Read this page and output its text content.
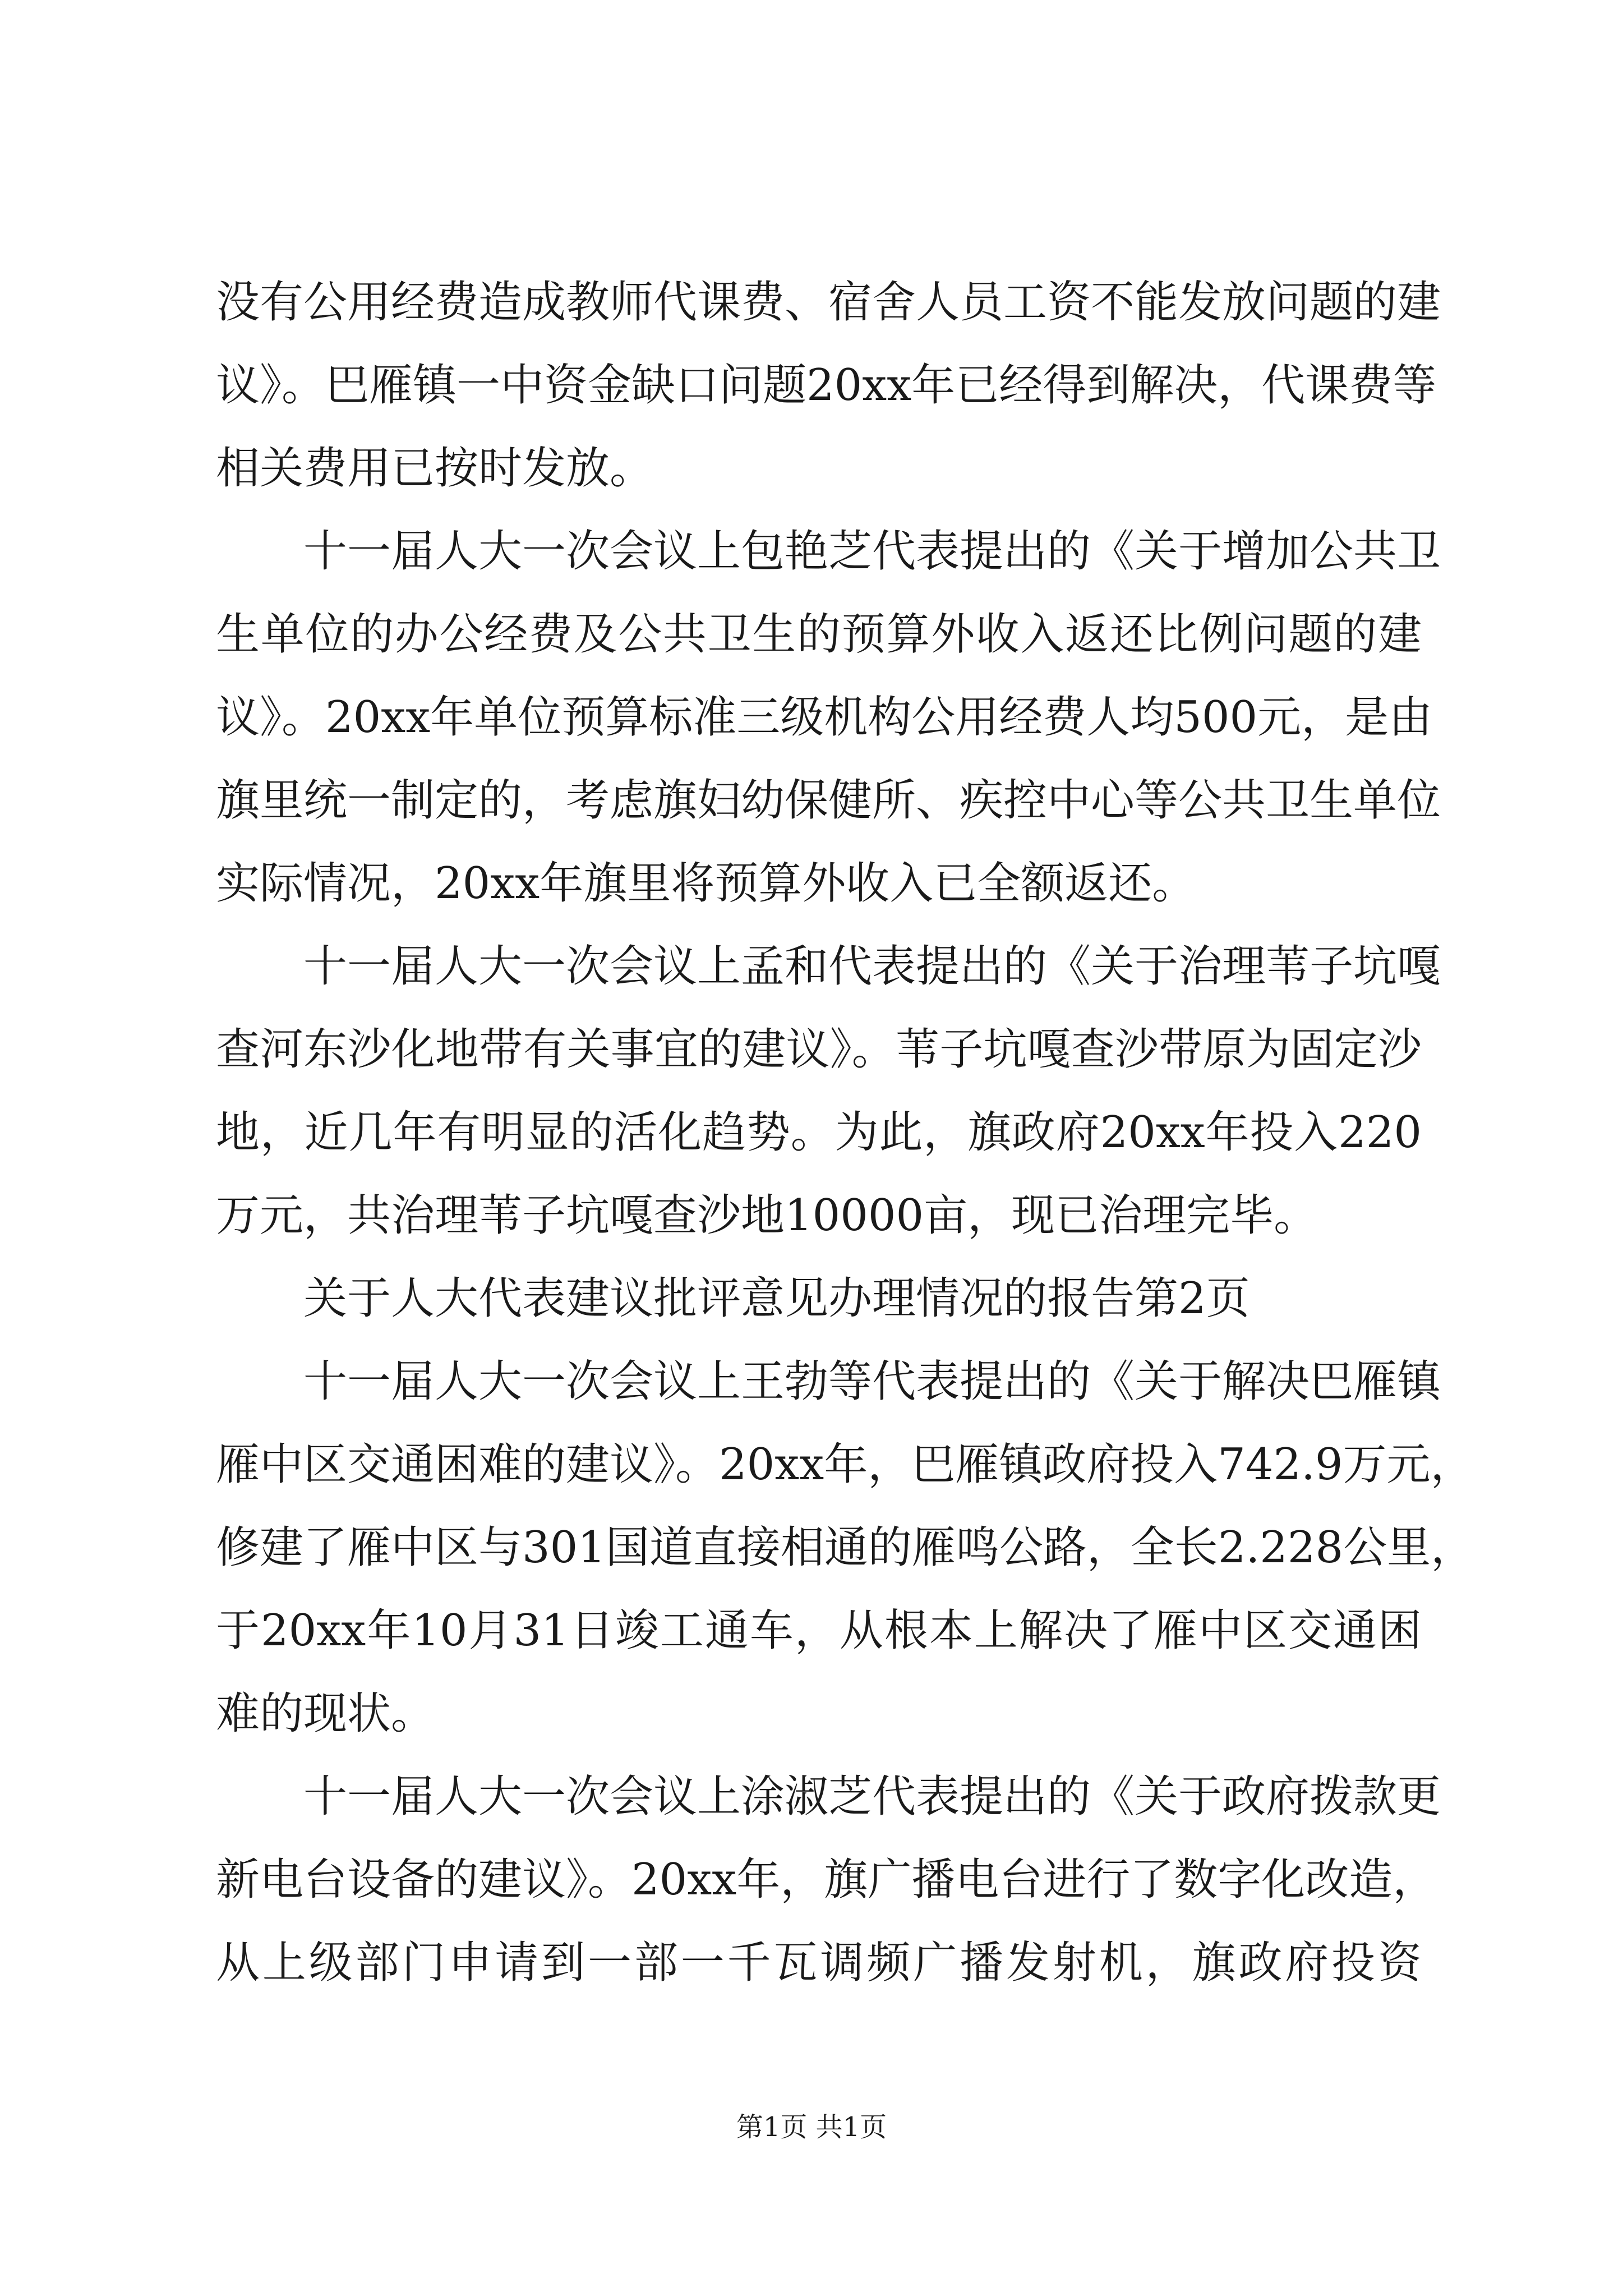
没有公用经费造成教师代课费、宿舍人员工资不能发放问题的建
议》。巴雁镇一中资金缺口问题20xx年已经得到解决，代课费等
相关费用已按时发放。
十一届人大一次会议上包艳芝代表提出的《关于增加公共卫
生单位的办公经费及公共卫生的预算外收入返还比例问题的建
议》。20xx年单位预算标准三级机构公用经费人均500元，是由
旗里统一制定的，考虑旗妇幼保健所、疾控中心等公共卫生单位
实际情况，20xx年旗里将预算外收入已全额返还。
十一届人大一次会议上孟和代表提出的《关于治理苇子坑嘎
查河东沙化地带有关事宜的建议》。苇子坑嘎查沙带原为固定沙
地，近几年有明显的活化趋势。为此，旗政府20xx年投入220
万元，共治理苇子坑嘎查沙地10000亩，现已治理完毕。
关于人大代表建议批评意见办理情况的报告第2页
十一届人大一次会议上王勃等代表提出的《关于解决巴雁镇
雁中区交通困难的建议》。20xx年，巴雁镇政府投入742.9万元，
修建了雁中区与301国道直接相通的雁鸣公路，全长2.228公里，
于20xx年10月31日竣工通车，从根本上解决了雁中区交通困
难的现状。
十一届人大一次会议上涂淑芝代表提出的《关于政府拨款更
新电台设备的建议》。20xx年，旗广播电台进行了数字化改造，
从上级部门申请到一部一千瓦调频广播发射机，旗政府投资
第1页 共1页
